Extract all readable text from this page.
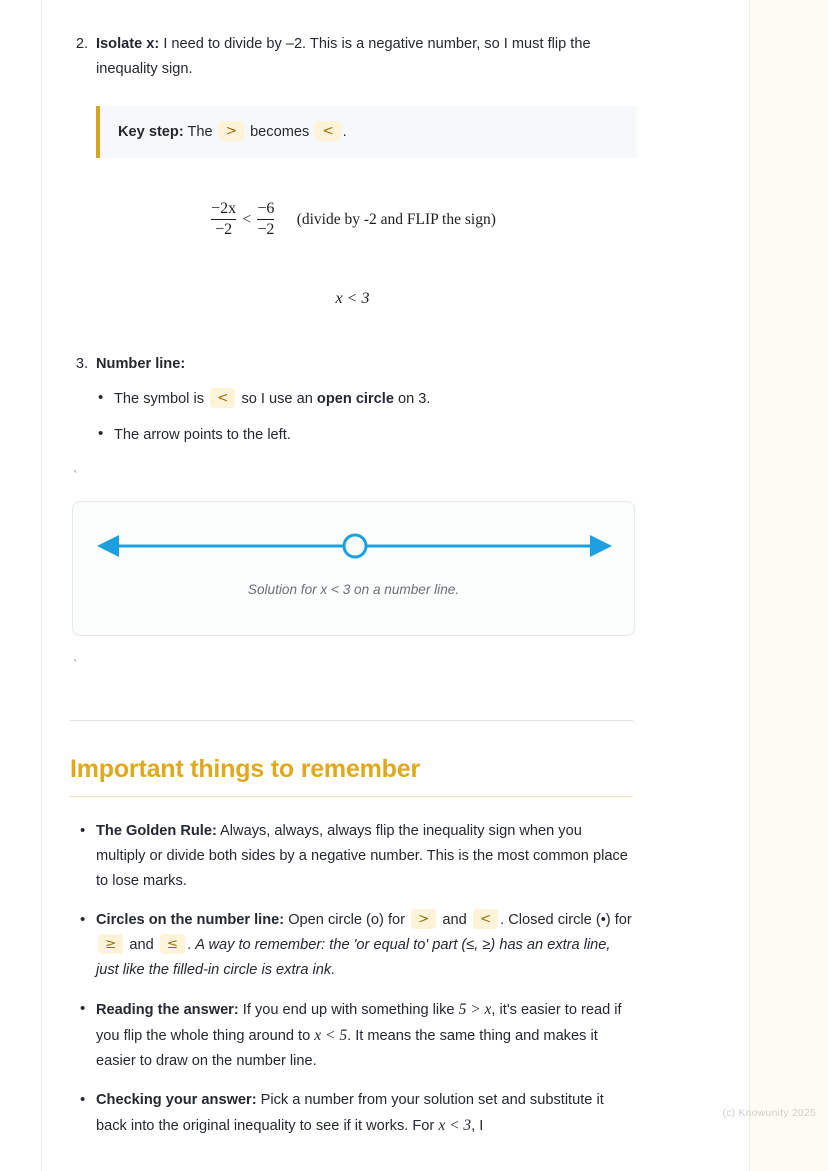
2. Isolate x: I need to divide by –2. This is a negative number, so I must flip the inequality sign.
Key step: The > becomes < .
$\frac{-2x}{-2} < \frac{-6}{-2}$ (divide by -2 and FLIP the sign)
x < 3
3. Number line:
• The symbol is < so I use an open circle on 3.
• The arrow points to the left.
`
Solution for x < 3 on a number line.
`
Important things to remember
• The Golden Rule: Always, always, always flip the inequality sign when you multiply or divide both sides by a negative number. This is the most common place to lose marks.
• Circles on the number line: Open circle (o) for > and < . Closed circle (•) for ≥ and ≤ . A way to remember: the 'or equal to' part (≤, ≥) has an extra line, just like the filled-in circle is extra ink.
• Reading the answer: If you end up with something like 5 > x, it's easier to read if you flip the whole thing around to x < 5. It means the same thing and makes it easier to draw on the number line.
• Checking your answer: Pick a number from your solution set and substitute it back into the original inequality to see if it works. For x < 3, I
(c) Knowunity 2025
